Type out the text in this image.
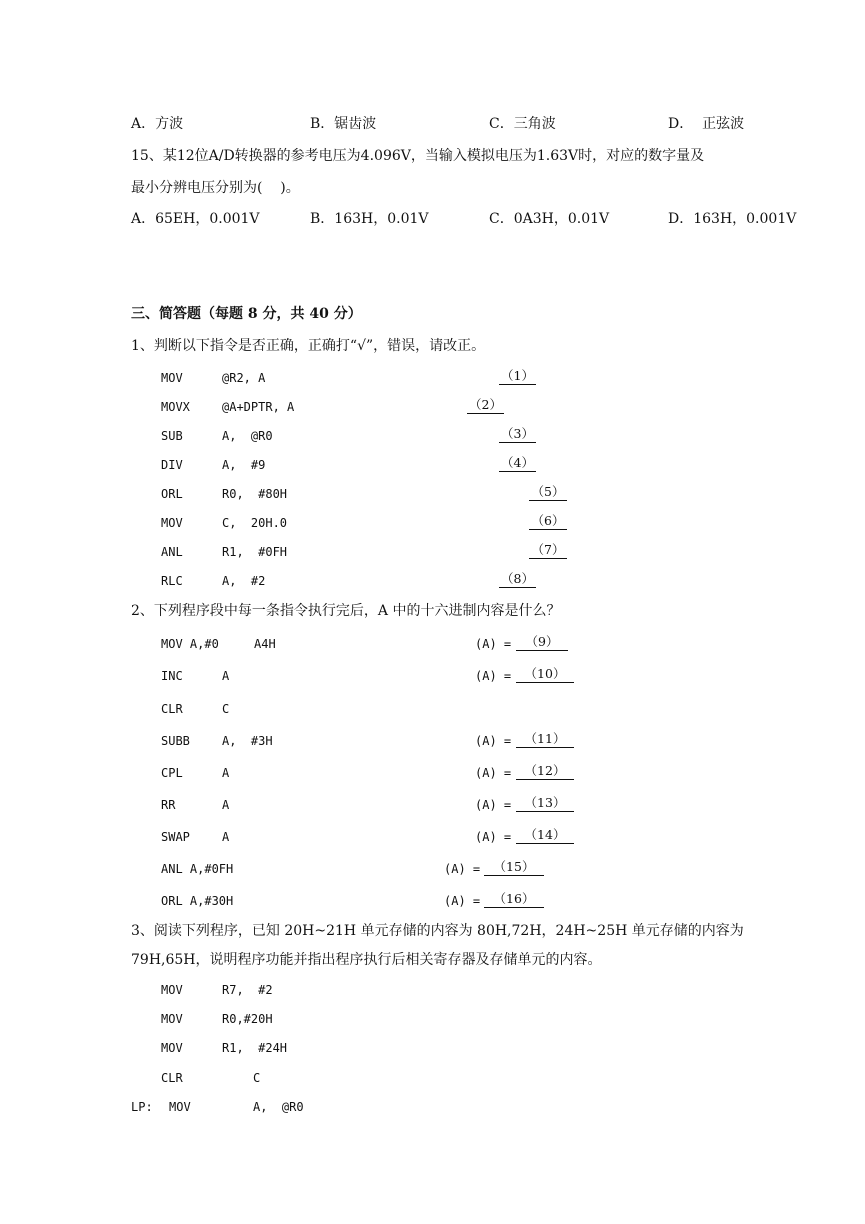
A．方波	B．锯齿波	C．三角波	D．  正弦波
15、某12位A/D转换器的参考电压为4.096V，当输入模拟电压为1.63V时，对应的数字量及
最小分辨电压分别为(    )。
A．65EH，0.001V	B．163H，0.01V	C．0A3H，0.01V	D．163H，0.001V
三、简答题（每题 8 分，共 40 分）
1、判断以下指令是否正确，正确打“√”，错误，请改正。
MOV	@R2, A	（1）
MOVX	@A+DPTR, A	（2）
SUB	A,  @R0	（3）
DIV	A,  #9	（4）
ORL	R0,  #80H	（5）
MOV	C,  20H.0	（6）
ANL	R1,  #0FH	（7）
RLC	A,  #2	（8）
2、下列程序段中每一条指令执行完后，A 中的十六进制内容是什么？
MOV A,#0	A4H	(A) =	（9）
INC	A	(A) =	（10）
CLR	C
SUBB	A,  #3H	(A) =	（11）
CPL	A	(A) =	（12）
RR	A	(A) =	（13）
SWAP	A	(A) =	（14）
ANL A,#0FH	(A) =	（15）
ORL A,#30H	(A) =	（16）
3、阅读下列程序，已知 20H~21H 单元存储的内容为 80H,72H，24H~25H 单元存储的内容为
79H,65H，说明程序功能并指出程序执行后相关寄存器及存储单元的内容。
MOV	R7,  #2
MOV	R0,#20H
MOV	R1,  #24H
CLR	C
LP: MOV	A,  @R0
